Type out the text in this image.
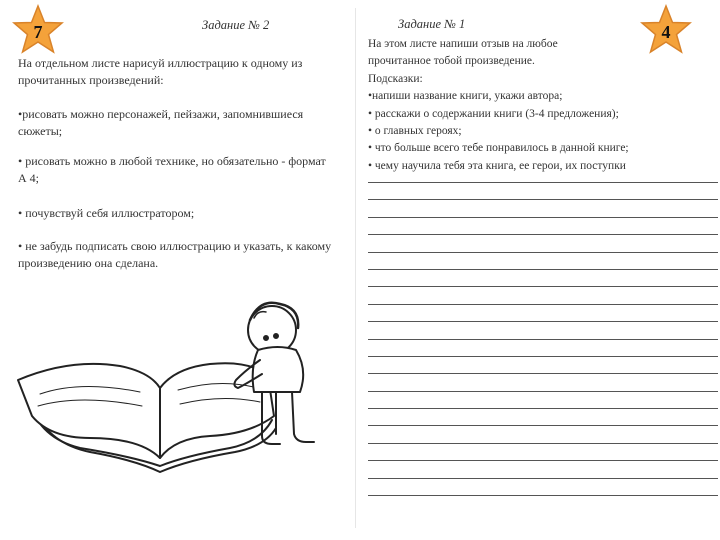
7	Задание № 2
На отдельном листе нарисуй иллюстрацию к одному из прочитанных произведений:
•рисовать можно персонажей, пейзажи, запомнившиеся сюжеты;
• рисовать можно в любой технике, но обязательно - формат А 4;
• почувствуй себя иллюстратором;
• не забудь подписать свою иллюстрацию и указать, к какому произведению она сделана.
Задание № 1	4
На этом листе напиши отзыв на любое
прочитанное тобой произведение.
Подсказки:
•напиши название книги, укажи автора;
• расскажи о содержании книги (3-4 предложения);
• о главных героях;
• что больше всего тебе понравилось в данной книге;
• чему научила тебя эта книга, ее герои, их поступки
